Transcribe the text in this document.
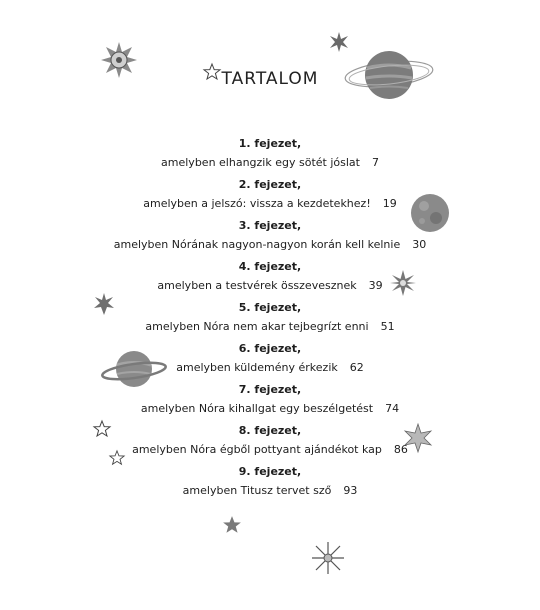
TARTALOM
1. fejezet,
amelyben elhangzik egy sötét jóslat 7
2. fejezet,
amelyben a jelszó: vissza a kezdetekhez! 19
3. fejezet,
amelyben Nórának nagyon-nagyon korán kell kelnie 30
4. fejezet,
amelyben a testvérek összevesznek 39
5. fejezet,
amelyben Nóra nem akar tejbegrízt enni 51
6. fejezet,
amelyben küldemény érkezik 62
7. fejezet,
amelyben Nóra kihallgat egy beszélgetést 74
8. fejezet,
amelyben Nóra égből pottyant ajándékot kap 86
9. fejezet,
amelyben Titusz tervet sző 93
